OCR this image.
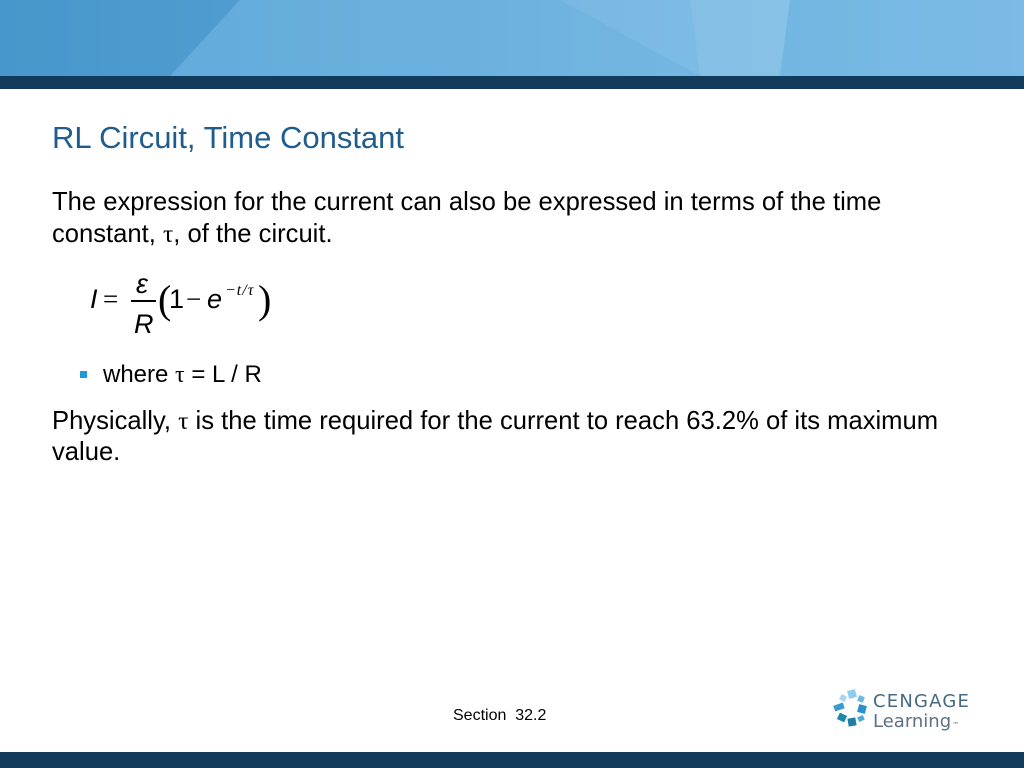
RL Circuit, Time Constant

The expression for the current can also be expressed in terms of the time constant, τ, of the circuit.

I = ε
R
(
1 − e −t/τ )
where τ = L / R

Physically, τ is the time required for the current to reach 63.2% of its maximum value.

Section  32.2
CENGAGE
Learning™
